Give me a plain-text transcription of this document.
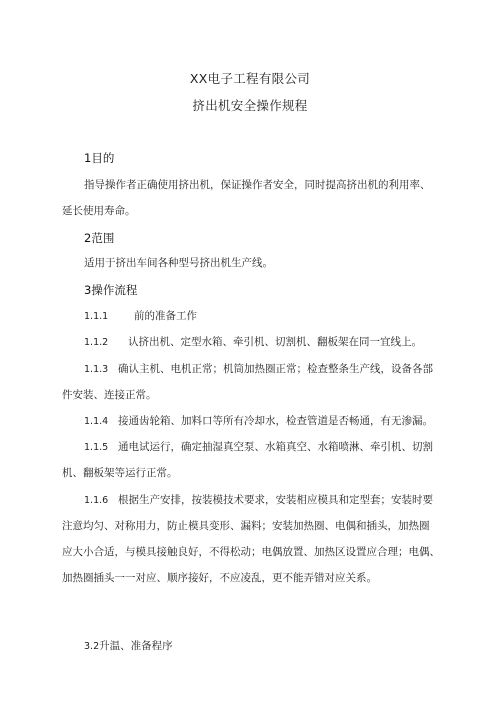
XX电子工程有限公司
挤出机安全操作规程
1目的
指导操作者正确使用挤出机，保证操作者安全，同时提高挤出机的利用率、
延长使用寿命。
2范围
适用于挤出车间各种型号挤出机生产线。
3操作流程
1.1.1 前的准备工作
1.1.2 认挤出机、定型水箱、牵引机、切割机、翻板架在同一宜线上。
1.1.3 确认主机、电机正常；机筒加热圈正常；检查整条生产线，设备各部
件安装、连接正常。
1.1.4 接通齿轮箱、加料口等所有冷却水，检查管道是否畅通，有无渗漏。
1.1.5 通电试运行，确定抽湿真空泵、水箱真空、水箱喷淋、牵引机、切割
机、翻板架等运行正常。
1.1.6 根据生产安排，按装模技术要求，安装相应模具和定型套；安装时要
注意均匀、对称用力，防止模具变形、漏料；安装加热圈、电偶和插头，加热圈
应大小合适，与模具接触良好，不得松动；电偶放置、加热区设置应合理；电偶、
加热圈插头一一对应、顺序接好，不应凌乱，更不能弄错对应关系。
3.2升温、准备程序
